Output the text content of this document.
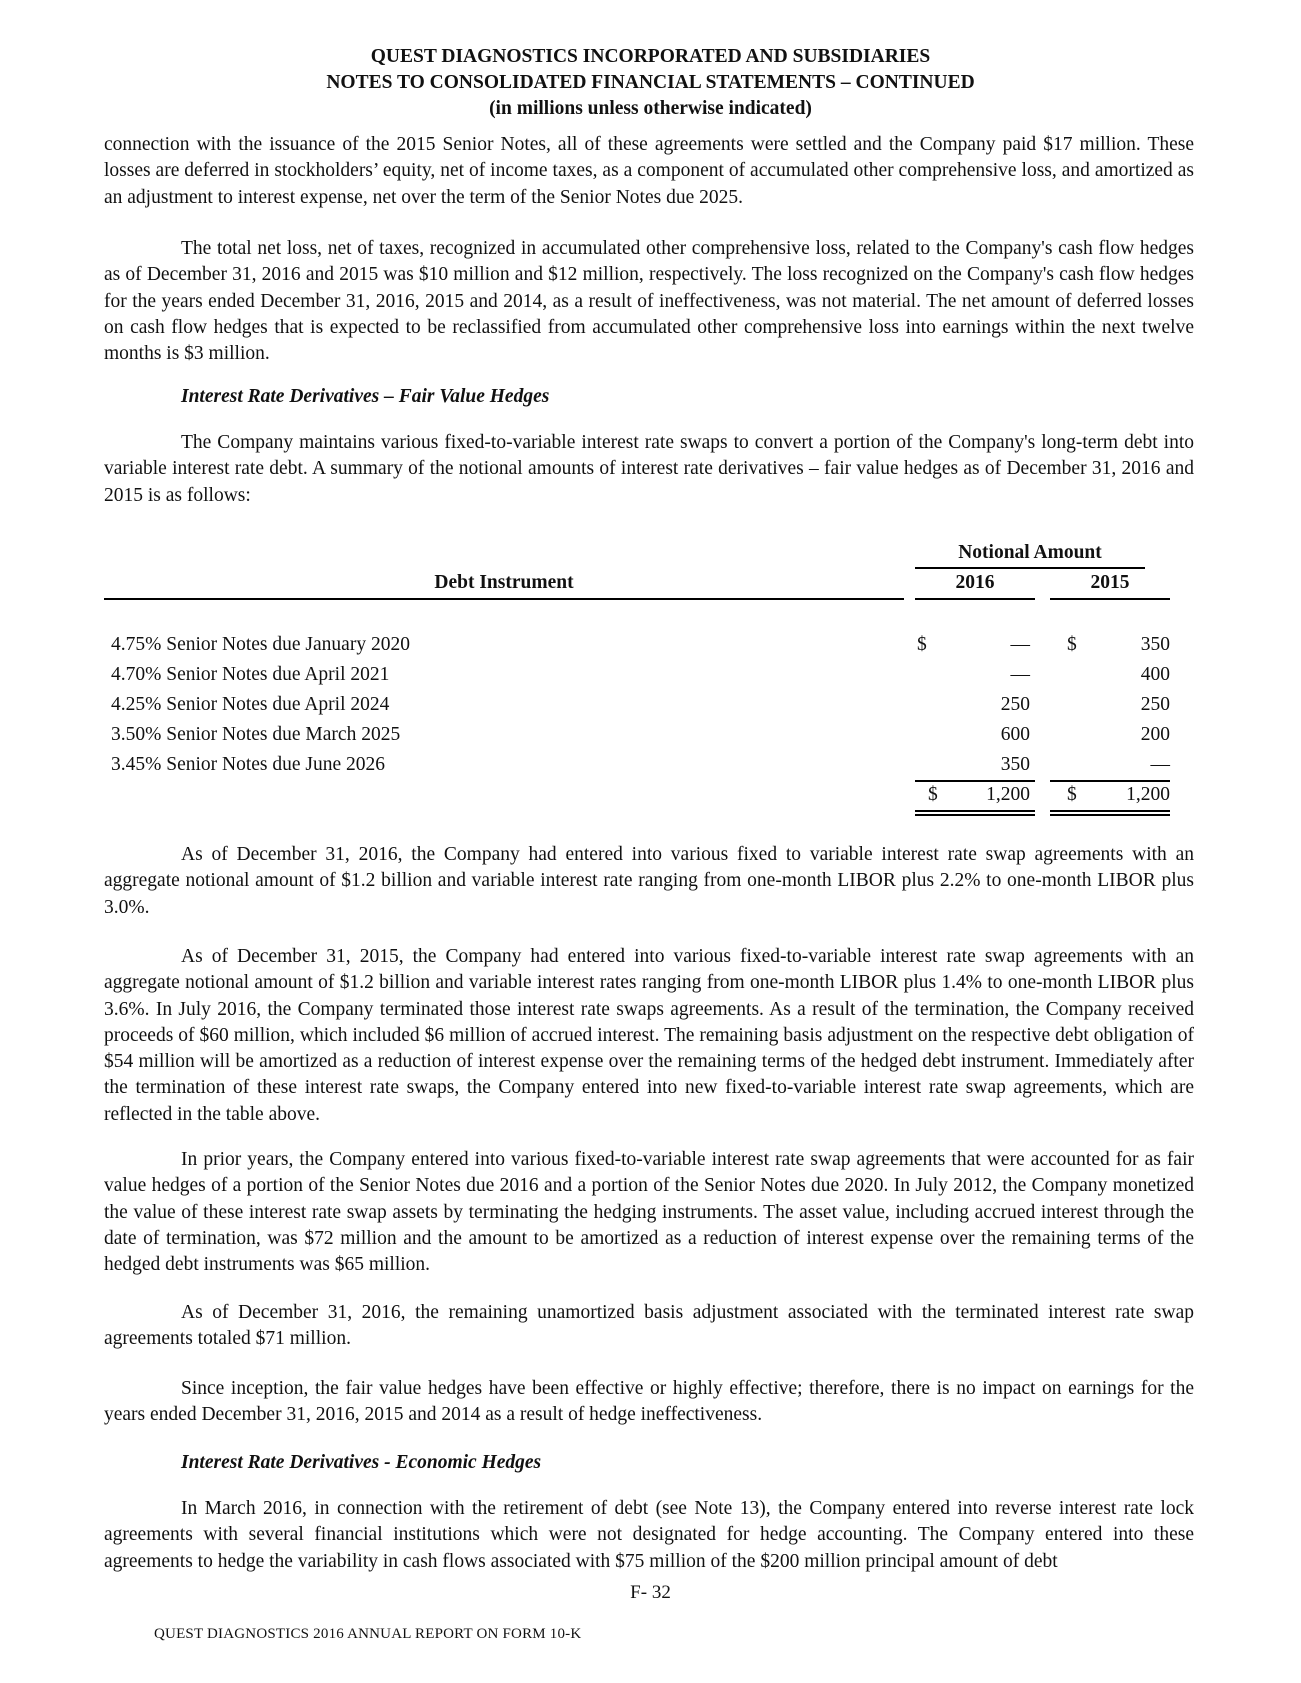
QUEST DIAGNOSTICS INCORPORATED AND SUBSIDIARIES
NOTES TO CONSOLIDATED FINANCIAL STATEMENTS – CONTINUED
(in millions unless otherwise indicated)
connection with the issuance of the 2015 Senior Notes, all of these agreements were settled and the Company paid $17 million. These losses are deferred in stockholders’ equity, net of income taxes, as a component of accumulated other comprehensive loss, and amortized as an adjustment to interest expense, net over the term of the Senior Notes due 2025.
The total net loss, net of taxes, recognized in accumulated other comprehensive loss, related to the Company's cash flow hedges as of December 31, 2016 and 2015 was $10 million and $12 million, respectively. The loss recognized on the Company's cash flow hedges for the years ended December 31, 2016, 2015 and 2014, as a result of ineffectiveness, was not material. The net amount of deferred losses on cash flow hedges that is expected to be reclassified from accumulated other comprehensive loss into earnings within the next twelve months is $3 million.
Interest Rate Derivatives – Fair Value Hedges
The Company maintains various fixed-to-variable interest rate swaps to convert a portion of the Company's long-term debt into variable interest rate debt. A summary of the notional amounts of interest rate derivatives – fair value hedges as of December 31, 2016 and 2015 is as follows:
Notional Amount
Debt Instrument	2016	2015
4.75% Senior Notes due January 2020	$	— $	350
4.70% Senior Notes due April 2021	—	400
4.25% Senior Notes due April 2024	250	250
3.50% Senior Notes due March 2025	600	200
3.45% Senior Notes due June 2026	350	—
$	1,200 $	1,200
As of December 31, 2016, the Company had entered into various fixed to variable interest rate swap agreements with an aggregate notional amount of $1.2 billion and variable interest rate ranging from one-month LIBOR plus 2.2% to one-month LIBOR plus 3.0%.
As of December 31, 2015, the Company had entered into various fixed-to-variable interest rate swap agreements with an aggregate notional amount of $1.2 billion and variable interest rates ranging from one-month LIBOR plus 1.4% to one-month LIBOR plus 3.6%. In July 2016, the Company terminated those interest rate swaps agreements. As a result of the termination, the Company received proceeds of $60 million, which included $6 million of accrued interest. The remaining basis adjustment on the respective debt obligation of $54 million will be amortized as a reduction of interest expense over the remaining terms of the hedged debt instrument. Immediately after the termination of these interest rate swaps, the Company entered into new fixed-to-variable interest rate swap agreements, which are reflected in the table above.
In prior years, the Company entered into various fixed-to-variable interest rate swap agreements that were accounted for as fair value hedges of a portion of the Senior Notes due 2016 and a portion of the Senior Notes due 2020. In July 2012, the Company monetized the value of these interest rate swap assets by terminating the hedging instruments. The asset value, including accrued interest through the date of termination, was $72 million and the amount to be amortized as a reduction of interest expense over the remaining terms of the hedged debt instruments was $65 million.
As of December 31, 2016, the remaining unamortized basis adjustment associated with the terminated interest rate swap agreements totaled $71 million.
Since inception, the fair value hedges have been effective or highly effective; therefore, there is no impact on earnings for the years ended December 31, 2016, 2015 and 2014 as a result of hedge ineffectiveness.
Interest Rate Derivatives - Economic Hedges
In March 2016, in connection with the retirement of debt (see Note 13), the Company entered into reverse interest rate lock agreements with several financial institutions which were not designated for hedge accounting. The Company entered into these agreements to hedge the variability in cash flows associated with $75 million of the $200 million principal amount of debt
F- 32
QUEST DIAGNOSTICS 2016 ANNUAL REPORT ON FORM 10-K
